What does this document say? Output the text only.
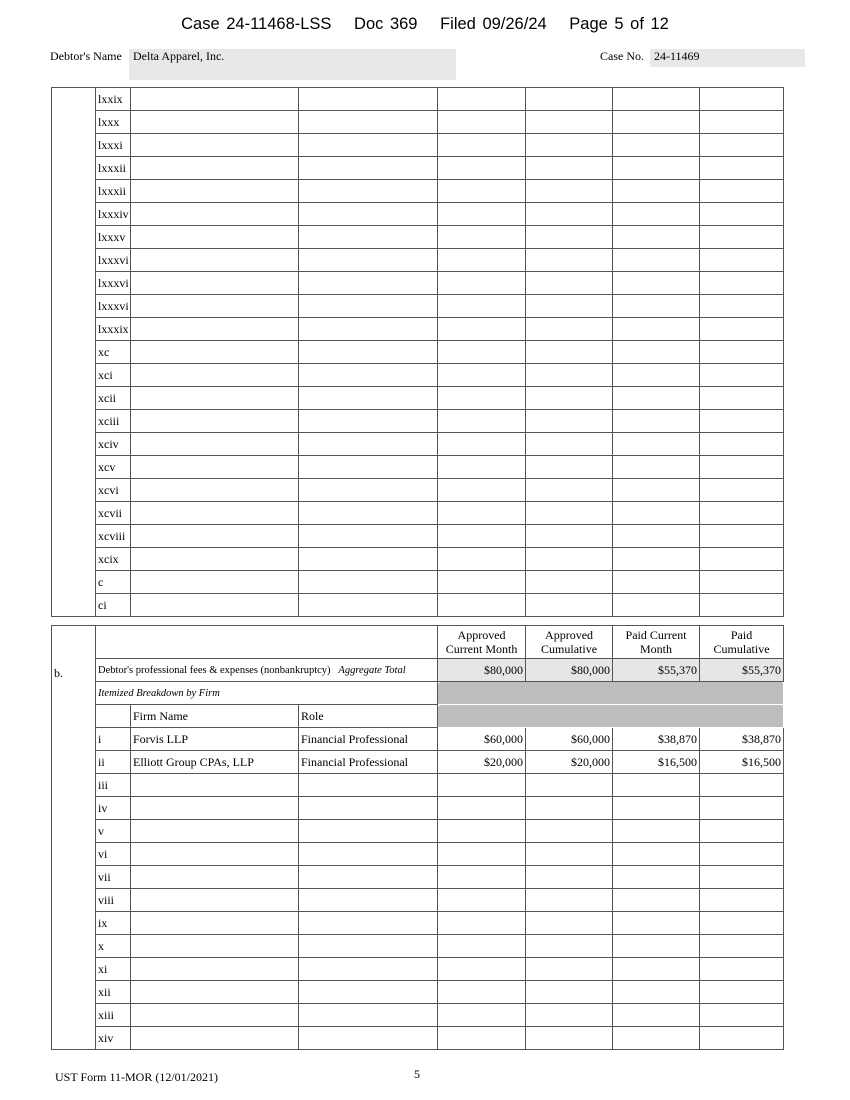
Case 24-11468-LSS Doc 369 Filed 09/26/24 Page 5 of 12
Debtor's Name Delta Apparel, Inc.	Case No. 24-11469
	lxxix						
	lxxx						
	lxxxi						
	lxxxii						
	lxxxii						
	lxxxiv						
	lxxxv						
	lxxxvi						
	lxxxvi						
	lxxxvi						
	lxxxix						
	xc						
	xci						
	xcii						
	xciii						
	xciv						
	xcv						
	xcvi						
	xcvii						
	xcviii						
	xcix						
	c						
	ci						
b.				Approved Current Month	Approved Cumulative	Paid Current Month	Paid Cumulative
	Debtor's professional fees & expenses (nonbankruptcy) Aggregate Total			$80,000	$80,000	$55,370	$55,370
	Itemized Breakdown by Firm						
		Firm Name	Role				
	i	Forvis LLP	Financial Professional	$60,000	$60,000	$38,870	$38,870
	ii	Elliott Group CPAs, LLP	Financial Professional	$20,000	$20,000	$16,500	$16,500
	iii						
	iv						
	v						
	vi						
	vii						
	viii						
	ix						
	x						
	xi						
	xii						
	xiii						
	xiv						
UST Form 11-MOR (12/01/2021)	5
